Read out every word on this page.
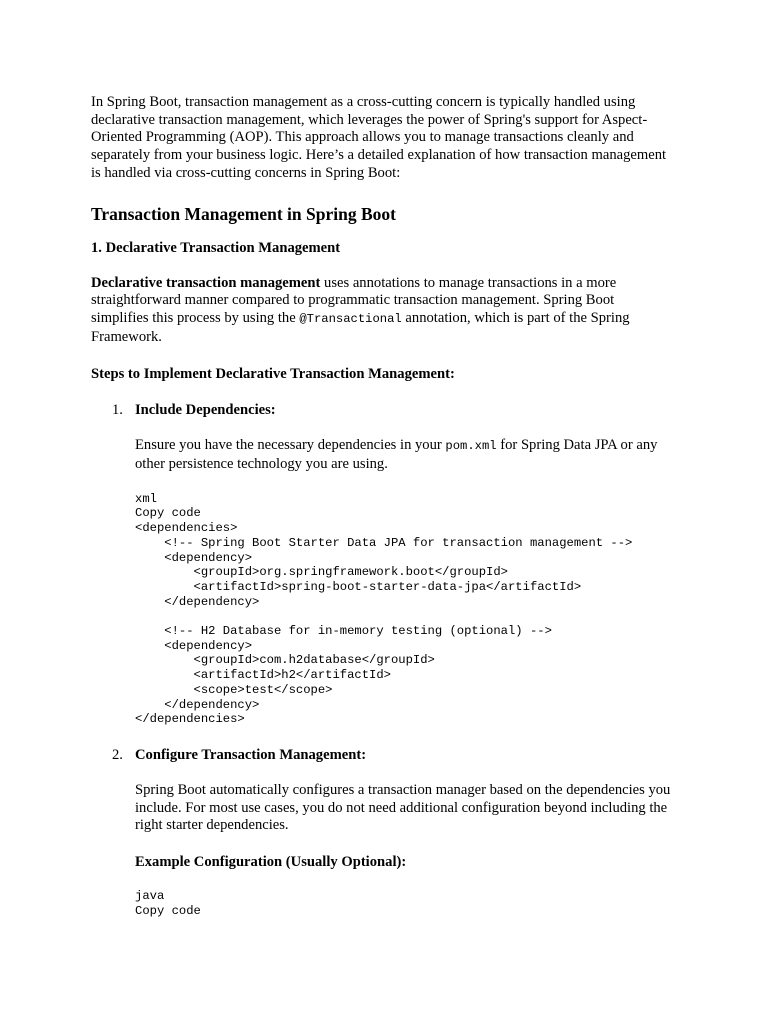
In Spring Boot, transaction management as a cross-cutting concern is typically handled using declarative transaction management, which leverages the power of Spring's support for Aspect-Oriented Programming (AOP). This approach allows you to manage transactions cleanly and separately from your business logic. Here’s a detailed explanation of how transaction management is handled via cross-cutting concerns in Spring Boot:

Transaction Management in Spring Boot
1. Declarative Transaction Management

Declarative transaction management uses annotations to manage transactions in a more straightforward manner compared to programmatic transaction management. Spring Boot simplifies this process by using the @Transactional annotation, which is part of the Spring Framework.

Steps to Implement Declarative Transaction Management:
1. Include Dependencies:

Ensure you have the necessary dependencies in your pom.xml for Spring Data JPA or any other persistence technology you are using.

xml
Copy code
<dependencies>
<!-- Spring Boot Starter Data JPA for transaction management -->
<dependency>
<groupId>org.springframework.boot</groupId>
<artifactId>spring-boot-starter-data-jpa</artifactId>
</dependency>

<!-- H2 Database for in-memory testing (optional) -->
<dependency>
<groupId>com.h2database</groupId>
<artifactId>h2</artifactId>
<scope>test</scope>
</dependency>
</dependencies>
2. Configure Transaction Management:

Spring Boot automatically configures a transaction manager based on the dependencies you include. For most use cases, you do not need additional configuration beyond including the right starter dependencies.

Example Configuration (Usually Optional):
java
Copy code
